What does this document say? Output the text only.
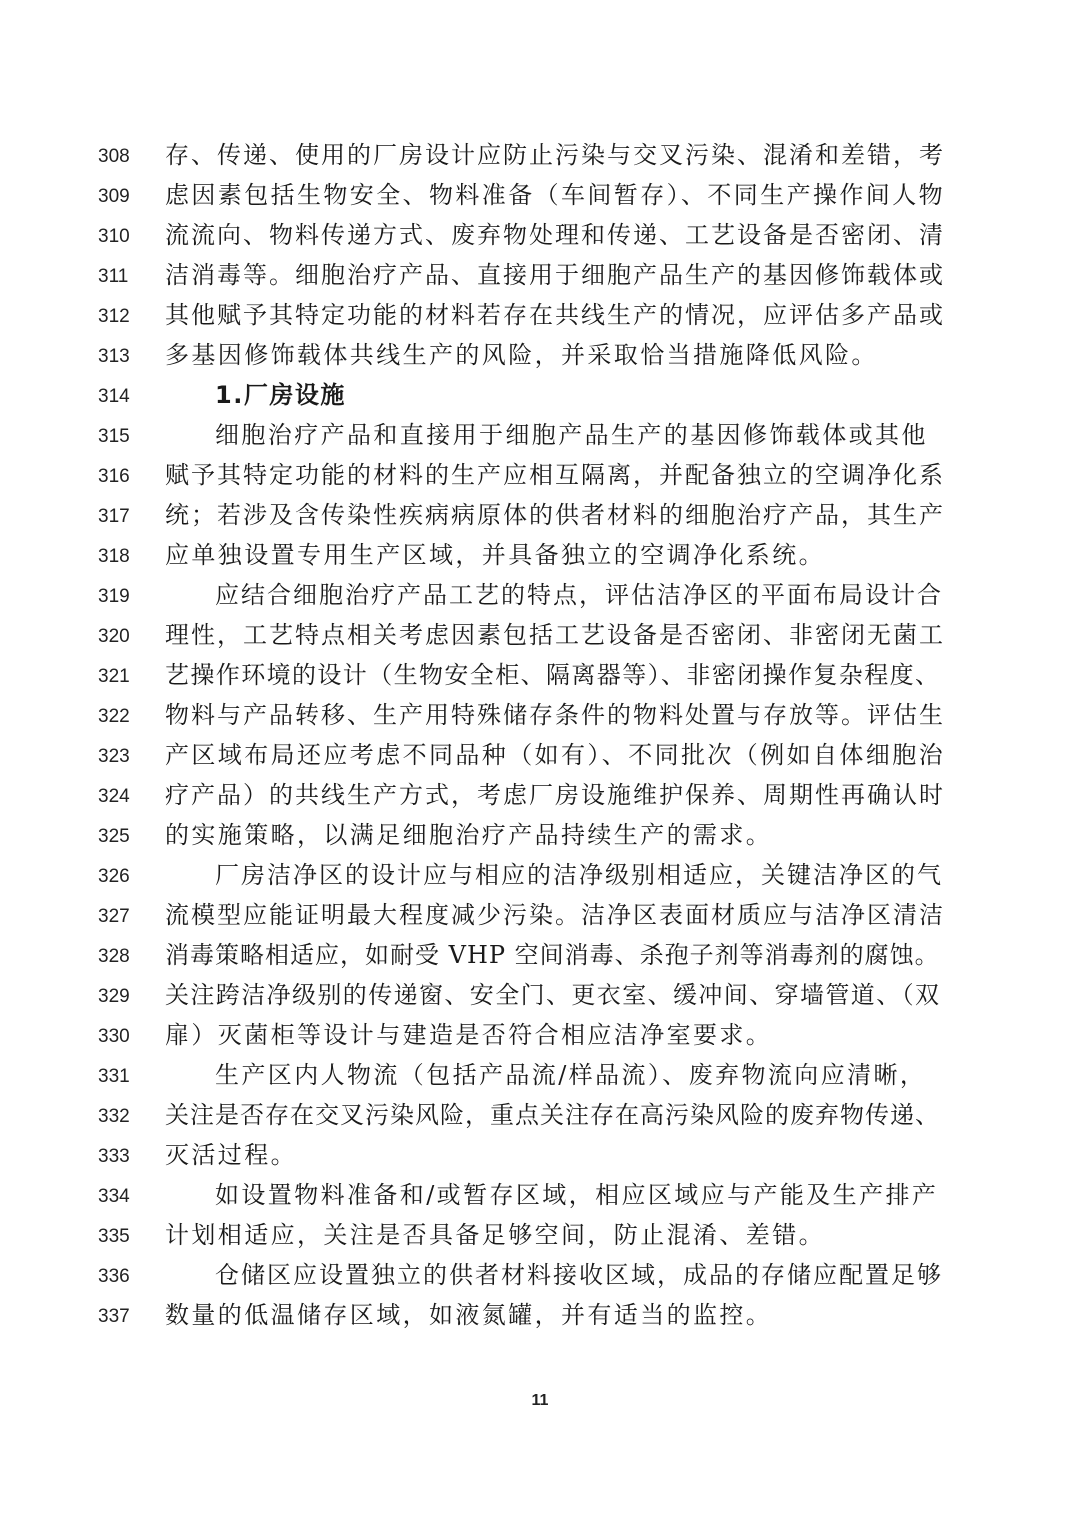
308	存、传递、使用的厂房设计应防止污染与交叉污染、混淆和差错，考
309	虑因素包括生物安全、物料准备（车间暂存）、不同生产操作间人物
310	流流向、物料传递方式、废弃物处理和传递、工艺设备是否密闭、清
311	洁消毒等。细胞治疗产品、直接用于细胞产品生产的基因修饰载体或
312	其他赋予其特定功能的材料若存在共线生产的情况，应评估多产品或
313	多基因修饰载体共线生产的风险，并采取恰当措施降低风险。
314	1.厂房设施
315	细胞治疗产品和直接用于细胞产品生产的基因修饰载体或其他
316	赋予其特定功能的材料的生产应相互隔离，并配备独立的空调净化系
317	统；若涉及含传染性疾病病原体的供者材料的细胞治疗产品，其生产
318	应单独设置专用生产区域，并具备独立的空调净化系统。
319	应结合细胞治疗产品工艺的特点，评估洁净区的平面布局设计合
320	理性，工艺特点相关考虑因素包括工艺设备是否密闭、非密闭无菌工
321	艺操作环境的设计（生物安全柜、隔离器等）、非密闭操作复杂程度、
322	物料与产品转移、生产用特殊储存条件的物料处置与存放等。评估生
323	产区域布局还应考虑不同品种（如有）、不同批次（例如自体细胞治
324	疗产品）的共线生产方式，考虑厂房设施维护保养、周期性再确认时
325	的实施策略，以满足细胞治疗产品持续生产的需求。
326	厂房洁净区的设计应与相应的洁净级别相适应，关键洁净区的气
327	流模型应能证明最大程度减少污染。洁净区表面材质应与洁净区清洁
328	消毒策略相适应，如耐受 VHP 空间消毒、杀孢子剂等消毒剂的腐蚀。
329	关注跨洁净级别的传递窗、安全门、更衣室、缓冲间、穿墙管道、（双
330	扉）灭菌柜等设计与建造是否符合相应洁净室要求。
331	生产区内人物流（包括产品流/样品流）、废弃物流向应清晰，
332	关注是否存在交叉污染风险，重点关注存在高污染风险的废弃物传递、
333	灭活过程。
334	如设置物料准备和/或暂存区域，相应区域应与产能及生产排产
335	计划相适应，关注是否具备足够空间，防止混淆、差错。
336	仓储区应设置独立的供者材料接收区域，成品的存储应配置足够
337	数量的低温储存区域，如液氮罐，并有适当的监控。
11
